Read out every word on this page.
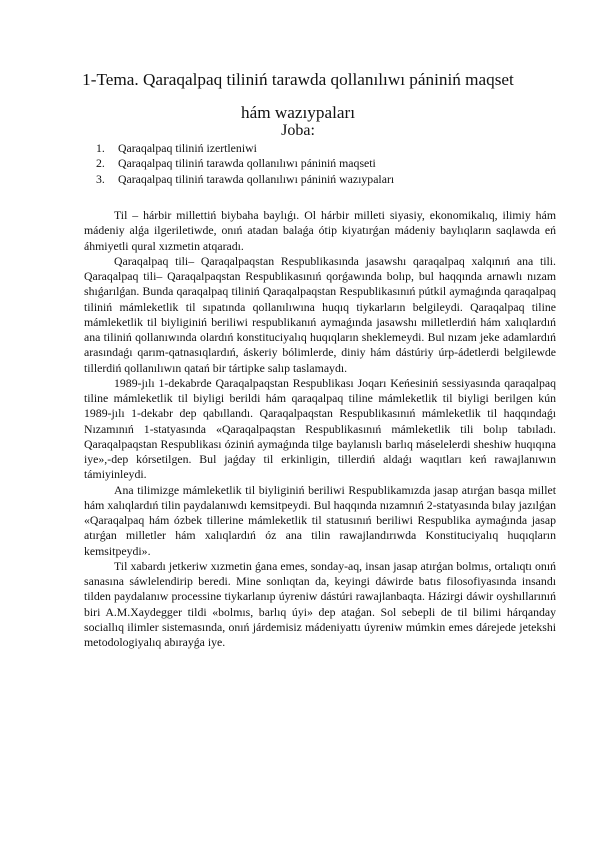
1-Tema. Qaraqalpaq tiliniń tarawda qollanılıwı pániniń maqset
hám wazıypaları
Joba:
1. Qaraqalpaq tiliniń izertleniwi
2. Qaraqalpaq tiliniń tarawda qollanılıwı pániniń maqseti
3. Qaraqalpaq tiliniń tarawda qollanılıwı pániniń wazıypaları

Til – hárbir millettiń biybaha baylıǵı. Ol hárbir milleti siyasiy, ekonomikalıq, ilimiy hám mádeniy alǵa ilgeriletiwde, onıń atadan balaǵa ótip kiyatırǵan mádeniy baylıqların saqlawda eń áhmiyetli qural xızmetin atqaradı.

Qaraqalpaq tili– Qaraqalpaqstan Respublikasında jasawshı qaraqalpaq xalqınıń ana tili. Qaraqalpaq tili– Qaraqalpaqstan Respublikasınıń qorǵawında bolıp, bul haqqında arnawlı nızam shıǵarılǵan. Bunda qaraqalpaq tiliniń Qaraqalpaqstan Respublikasınıń pútkil aymaǵında qaraqalpaq tiliniń mámleketlik til sıpatında qollanılıwına huqıq tiykarların belgileydi. Qaraqalpaq tiline mámleketlik til biyliginiń beriliwi respublikanıń aymaǵında jasawshı milletlerdiń hám xalıqlardıń ana tiliniń qollanıwında olardıń konstituciyalıq huqıqların sheklemeydi. Bul nızam jeke adamlardıń arasındaǵı qarım-qatnasıqlardıń, áskeriy bólimlerde, diniy hám dástúriy úrp-ádetlerdi belgilewde tillerdiń qollanılıwın qatań bir tártipke salıp taslamaydı.

1989-jılı 1-dekabrde Qaraqalpaqstan Respublikası Joqarı Keńesiniń sessiyasında qaraqalpaq tiline mámleketlik til biyligi berildi hám qaraqalpaq tiline mámleketlik til biyligi berilgen kún 1989-jılı 1-dekabr dep qabıllandı. Qaraqalpaqstan Respublikasınıń mámleketlik til haqqındaǵı Nızamınıń 1-statyasında «Qaraqalpaqstan Respublikasınıń mámleketlik tili bolıp tabıladı. Qaraqalpaqstan Respublikası óziniń aymaǵında tilge baylanıslı barlıq máselelerdi sheshiw huqıqına iye»,-dep kórsetilgen. Bul jaǵday til erkinligin, tillerdiń aldaǵı waqıtları keń rawajlanıwın támiyinleydi.

Ana tilimizge mámleketlik til biyliginiń beriliwi Respublikamızda jasap atırǵan basqa millet hám xalıqlardıń tilin paydalanıwdı kemsitpeydi. Bul haqqında nızamnıń 2-statyasında bılay jazılǵan «Qaraqalpaq hám ózbek tillerine mámleketlik til statusınıń beriliwi Respublika aymaǵında jasap atırǵan milletler hám xalıqlardıń óz ana tilin rawajlandırıwda Konstituciyalıq huqıqların kemsitpeydi».

Til xabardı jetkeriw xızmetin ǵana emes, sonday-aq, insan jasap atırǵan bolmıs, ortalıqtı onıń sanasına sáwlelendirip beredi. Mine sonlıqtan da, keyingi dáwirde batıs filosofiyasında insandı tilden paydalanıw processine tiykarlanıp úyreniw dástúri rawajlanbaqta. Házirgi dáwir oyshıllarınıń biri A.M.Xaydegger tildi «bolmıs, barlıq úyi» dep ataǵan. Sol sebepli de til bilimi hárqanday sociallıq ilimler sistemasında, onıń járdemisiz mádeniyattı úyreniw múmkin emes dárejede jetekshi metodologiyalıq abırayǵa iye.
